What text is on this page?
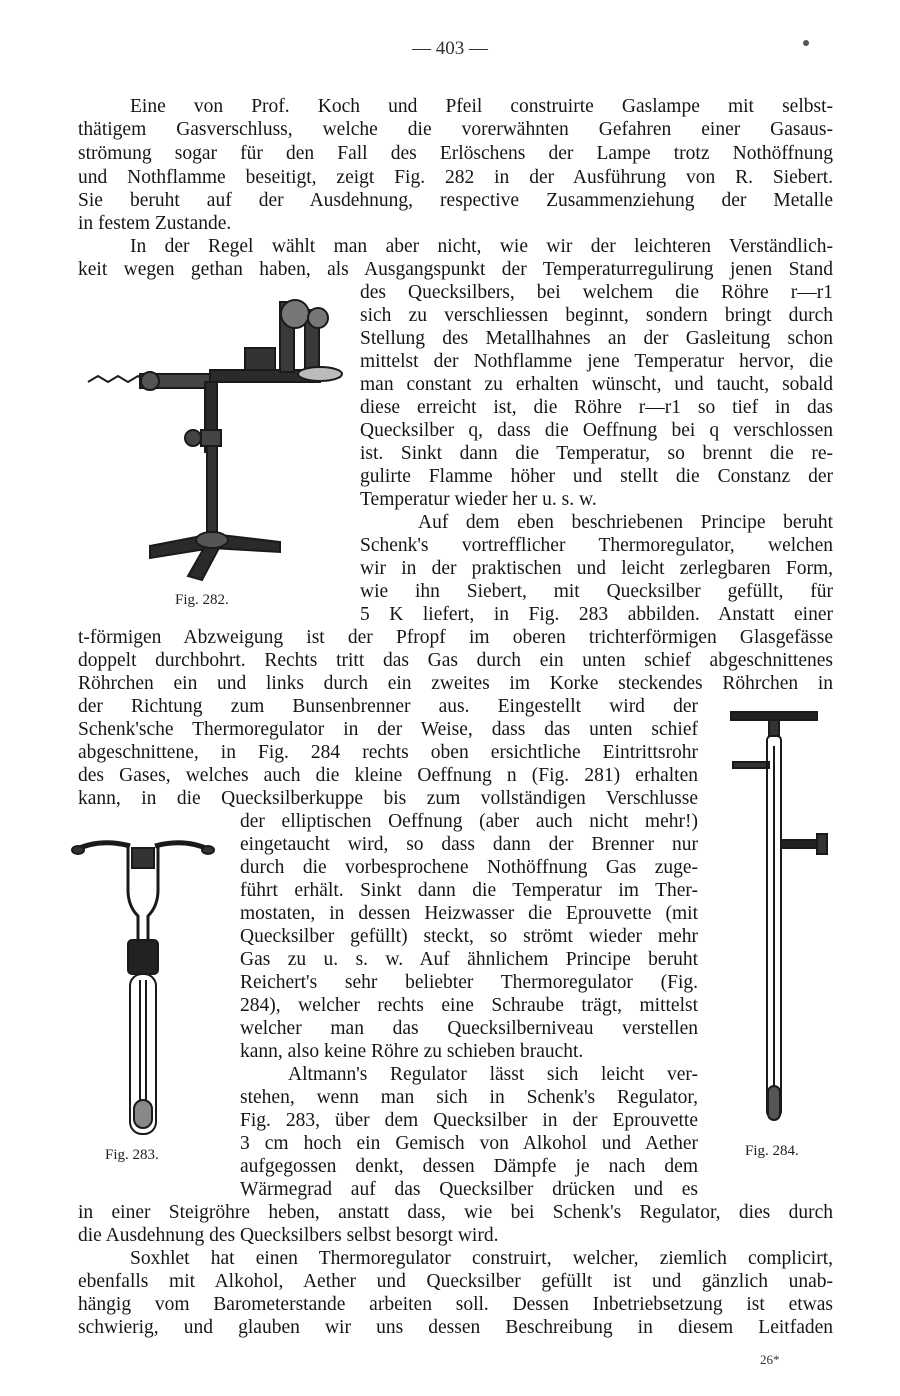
— 403 —
Eine von Prof. Koch und Pfeil construirte Gaslampe mit selbst-
thätigem Gasverschluss, welche die vorerwähnten Gefahren einer Gasaus-
strömung sogar für den Fall des Erlöschens der Lampe trotz Nothöffnung
und Nothflamme beseitigt, zeigt Fig. 282 in der Ausführung von R. Siebert.
Sie beruht auf der Ausdehnung, respective Zusammenziehung der Metalle
in festem Zustande.
In der Regel wählt man aber nicht, wie wir der leichteren Verständlich-
keit wegen gethan haben, als Ausgangspunkt der Temperaturregulirung jenen Stand
des Quecksilbers, bei welchem die Röhre r—r1
sich zu verschliessen beginnt, sondern bringt durch
Stellung des Metallhahnes an der Gasleitung schon
mittelst der Nothflamme jene Temperatur hervor, die
man constant zu erhalten wünscht, und taucht, sobald
diese erreicht ist, die Röhre r—r1 so tief in das
Quecksilber q, dass die Oeffnung bei q verschlossen
ist. Sinkt dann die Temperatur, so brennt die re-
gulirte Flamme höher und stellt die Constanz der
Temperatur wieder her u. s. w.
Auf dem eben beschriebenen Principe beruht
Schenk's vortrefflicher Thermoregulator, welchen
wir in der praktischen und leicht zerlegbaren Form,
wie ihn Siebert, mit Quecksilber gefüllt, für
5 K liefert, in Fig. 283 abbilden. Anstatt einer
t-förmigen Abzweigung ist der Pfropf im oberen trichterförmigen Glasgefässe
doppelt durchbohrt. Rechts tritt das Gas durch ein unten schief abgeschnittenes
Röhrchen ein und links durch ein zweites im Korke steckendes Röhrchen in
der Richtung zum Bunsenbrenner aus. Eingestellt wird der
Schenk'sche Thermoregulator in der Weise, dass das unten schief
abgeschnittene, in Fig. 284 rechts oben ersichtliche Eintrittsrohr
des Gases, welches auch die kleine Oeffnung n (Fig. 281) erhalten
kann, in die Quecksilberkuppe bis zum vollständigen Verschlusse
der elliptischen Oeffnung (aber auch nicht mehr!)
eingetaucht wird, so dass dann der Brenner nur
durch die vorbesprochene Nothöffnung Gas zuge-
führt erhält. Sinkt dann die Temperatur im Ther-
mostaten, in dessen Heizwasser die Eprouvette (mit
Quecksilber gefüllt) steckt, so strömt wieder mehr
Gas zu u. s. w. Auf ähnlichem Principe beruht
Reichert's sehr beliebter Thermoregulator (Fig.
284), welcher rechts eine Schraube trägt, mittelst
welcher man das Quecksilberniveau verstellen
kann, also keine Röhre zu schieben braucht.
Altmann's Regulator lässt sich leicht ver-
stehen, wenn man sich in Schenk's Regulator,
Fig. 283, über dem Quecksilber in der Eprouvette
3 cm hoch ein Gemisch von Alkohol und Aether
aufgegossen denkt, dessen Dämpfe je nach dem
Wärmegrad auf das Quecksilber drücken und es
in einer Steigröhre heben, anstatt dass, wie bei Schenk's Regulator, dies durch
die Ausdehnung des Quecksilbers selbst besorgt wird.
Soxhlet hat einen Thermoregulator construirt, welcher, ziemlich complicirt,
ebenfalls mit Alkohol, Aether und Quecksilber gefüllt ist und gänzlich unab-
hängig vom Barometerstande arbeiten soll. Dessen Inbetriebsetzung ist etwas
schwierig, und glauben wir uns dessen Beschreibung in diesem Leitfaden
Fig. 282.
Fig. 283.	Fig. 284.
26*
